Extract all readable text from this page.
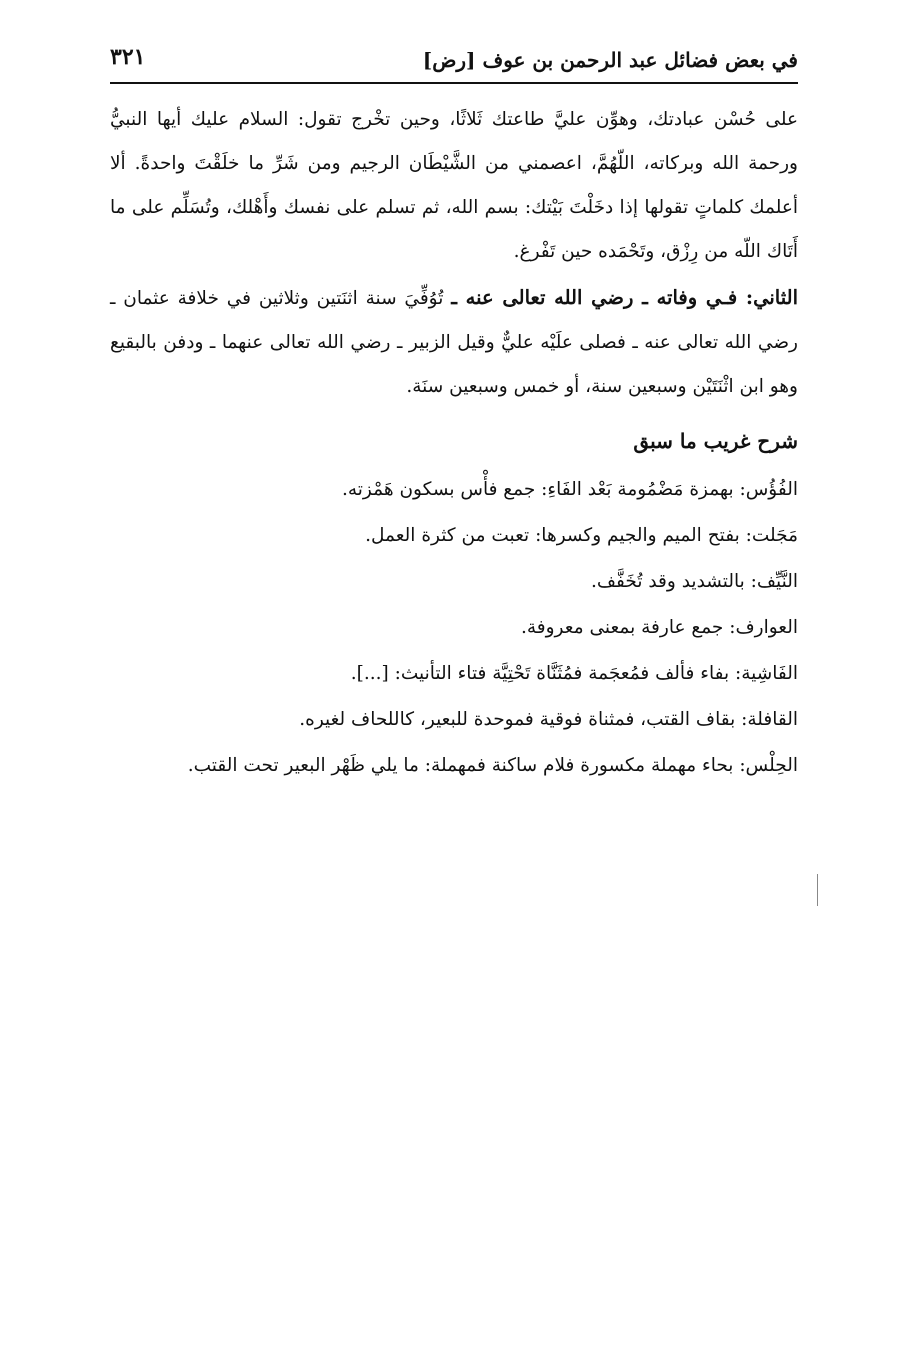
في بعض فضائل عبد الرحمن بن عوف [رض]
٣٢١

على حُسْن عبادتك، وهوِّن عليَّ طاعتك ثَلاثًا، وحين تخْرج تقول: السلام عليك أيها النبيُّ ورحمة الله وبركاته، اللّهُمَّ، اعصمني من الشَّيْطَان الرجيم ومن شَرِّ ما خلَقْتَ واحدةً. ألا أعلمك كلماتٍ تقولها إذا دخَلْتَ بَيْتك: بسم الله، ثم تسلم على نفسك وأَهْلك، وتُسَلِّم على ما أَتَاك اللّه من رِزْق، وتَحْمَده حين تَفْرغ.

الثاني: فـي وفاته ـ رضي الله تعالى عنه ـ تُوُفِّيَ سنة اثنَتين وثلاثين في خلافة عثمان ـ رضي الله تعالى عنه ـ فصلى علَيْه عليٌّ وقيل الزبير ـ رضي الله تعالى عنهما ـ ودفن بالبقيع وهو ابن اثْنَتَيْن وسبعين سنة، أو خمس وسبعين سنَة.

شرح غريب ما سبق
الفُؤُس: بهمزة مَضْمُومة بَعْد الفَاءِ: جمع فأْس بسكون هَمْزته.
مَجَلت: بفتح الميم والجيم وكسرها: تعبت من كثرة العمل.
النَّيِّف: بالتشديد وقد تُخَفَّف.
العوارف: جمع عارفة بمعنى معروفة.
الفَاشِية: بفاء فألف فمُعجَمة فمُثَنَّاة تَحْتِيَّة فتاء التأنيث: [...].
القافلة: بقاف القتب، فمثناة فوقية فموحدة للبعير، كاللحاف لغيره.
الحِلْس: بحاء مهملة مكسورة فلام ساكنة فمهملة: ما يلي ظَهْر البعير تحت القتب.
